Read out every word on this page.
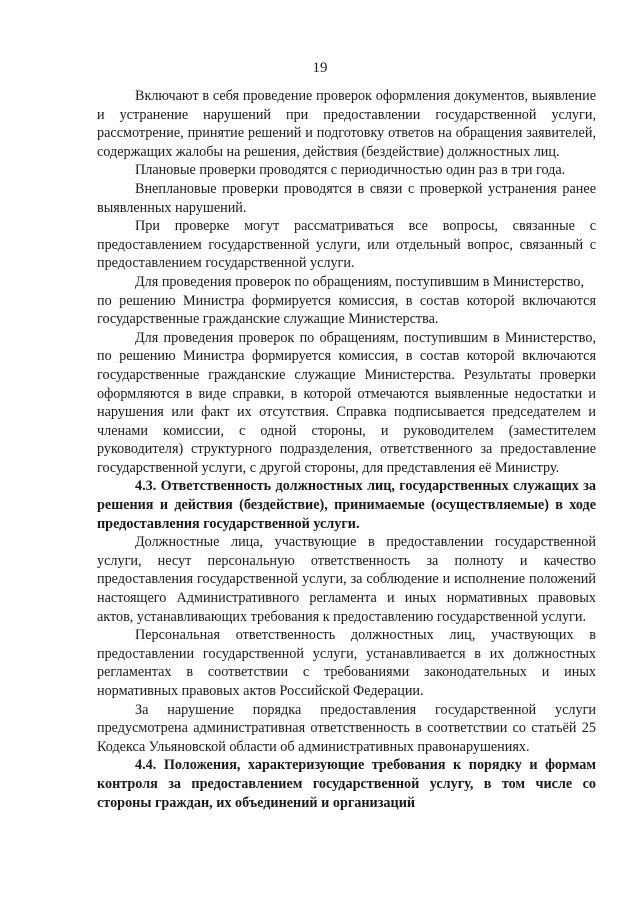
19

Включают в себя проведение проверок оформления документов, выявление и устранение нарушений при предоставлении государственной услуги, рассмотрение, принятие решений и подготовку ответов на обращения заявителей, содержащих жалобы на решения, действия (бездействие) должностных лиц.

Плановые проверки проводятся с периодичностью один раз в три года.

Внеплановые проверки проводятся в связи с проверкой устранения ранее выявленных нарушений.

При проверке могут рассматриваться все вопросы, связанные с предоставлением государственной услуги, или отдельный вопрос, связанный с предоставлением государственной услуги.

Для проведения проверок по обращениям, поступившим в Министерство,

по решению Министра формируется комиссия, в состав которой включаются государственные гражданские служащие Министерства.

Для проведения проверок по обращениям, поступившим в Министерство, по решению Министра формируется комиссия, в состав которой включаются государственные гражданские служащие Министерства. Результаты проверки оформляются в виде справки, в которой отмечаются выявленные недостатки и нарушения или факт их отсутствия. Справка подписывается председателем и членами комиссии, с одной стороны, и руководителем (заместителем руководителя) структурного подразделения, ответственного за предоставление государственной услуги, с другой стороны, для представления её Министру.

4.3. Ответственность должностных лиц, государственных служащих за решения и действия (бездействие), принимаемые (осуществляемые) в ходе предоставления государственной услуги.

Должностные лица, участвующие в предоставлении государственной услуги, несут персональную ответственность за полноту и качество предоставления государственной услуги, за соблюдение и исполнение положений настоящего Административного регламента и иных нормативных правовых актов, устанавливающих требования к предоставлению государственной услуги.

Персональная ответственность должностных лиц, участвующих в предоставлении государственной услуги, устанавливается в их должностных регламентах в соответствии с требованиями законодательных и иных нормативных правовых актов Российской Федерации.

За нарушение порядка предоставления государственной услуги предусмотрена административная ответственность в соответствии со статьёй 25 Кодекса Ульяновской области об административных правонарушениях.

4.4. Положения, характеризующие требования к порядку и формам контроля за предоставлением государственной услугу, в том числе со стороны граждан, их объединений и организаций
